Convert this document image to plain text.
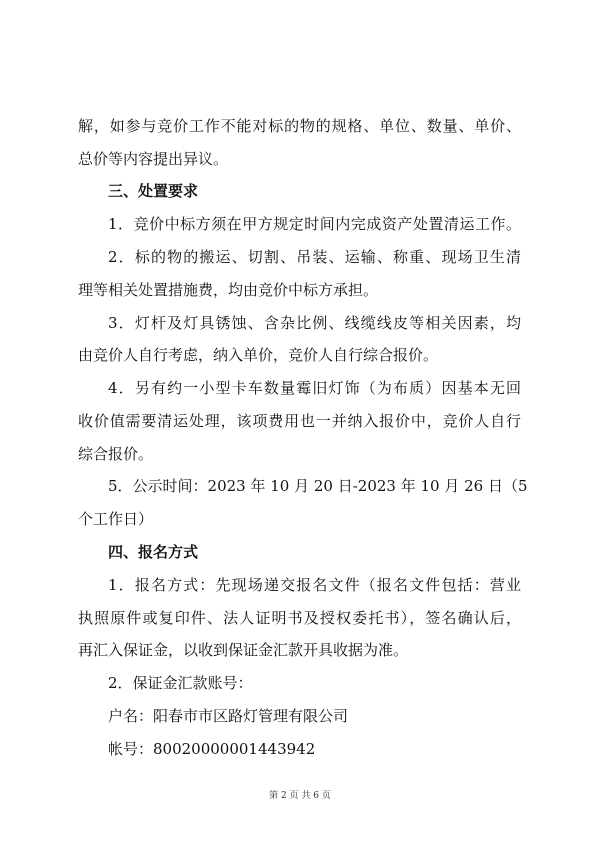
解，如参与竞价工作不能对标的物的规格、单位、数量、单价、
总价等内容提出异议。
三、处置要求
1．竞价中标方须在甲方规定时间内完成资产处置清运工作。
2．标的物的搬运、切割、吊装、运输、称重、现场卫生清
理等相关处置措施费，均由竞价中标方承担。
3．灯杆及灯具锈蚀、含杂比例、线缆线皮等相关因素，均
由竞价人自行考虑，纳入单价，竞价人自行综合报价。
4．另有约一小型卡车数量霉旧灯饰（为布质）因基本无回
收价值需要清运处理，该项费用也一并纳入报价中，竞价人自行
综合报价。
5．公示时间：2023 年 10 月 20 日-2023 年 10 月 26 日（5
个工作日）
四、报名方式
1．报名方式：先现场递交报名文件（报名文件包括：营业
执照原件或复印件、法人证明书及授权委托书），签名确认后，
再汇入保证金，以收到保证金汇款开具收据为准。
2．保证金汇款账号：
户名：阳春市市区路灯管理有限公司
帐号：80020000001443942
第 2 页 共 6 页
